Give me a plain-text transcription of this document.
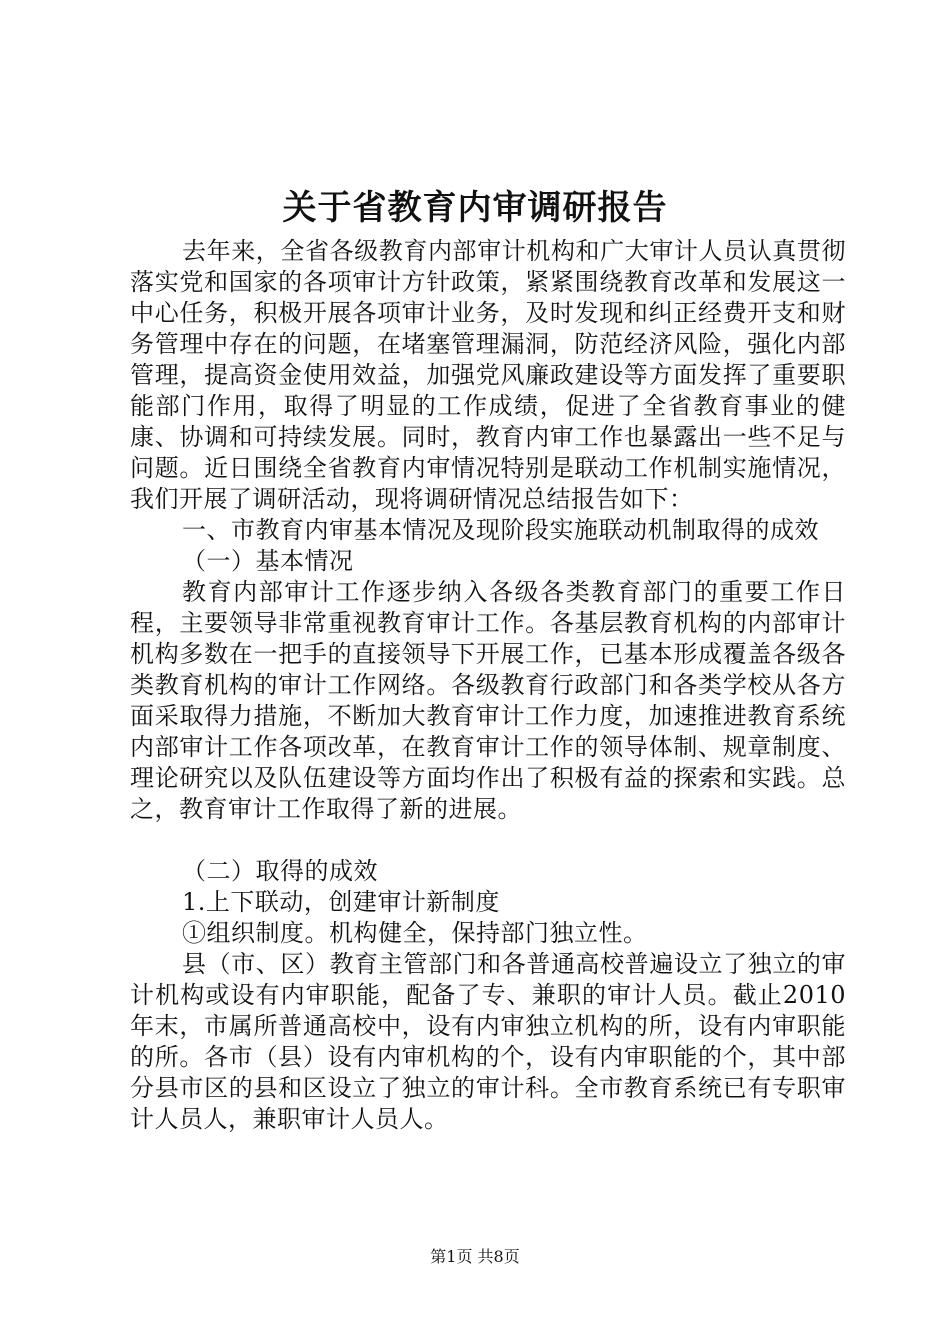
关于省教育内审调研报告

去年来，全省各级教育内部审计机构和广大审计人员认真贯彻落实党和国家的各项审计方针政策，紧紧围绕教育改革和发展这一中心任务，积极开展各项审计业务，及时发现和纠正经费开支和财务管理中存在的问题，在堵塞管理漏洞，防范经济风险，强化内部管理，提高资金使用效益，加强党风廉政建设等方面发挥了重要职能部门作用，取得了明显的工作成绩，促进了全省教育事业的健康、协调和可持续发展。同时，教育内审工作也暴露出一些不足与问题。近日围绕全省教育内审情况特别是联动工作机制实施情况，我们开展了调研活动，现将调研情况总结报告如下：

一、市教育内审基本情况及现阶段实施联动机制取得的成效

（一）基本情况

教育内部审计工作逐步纳入各级各类教育部门的重要工作日程，主要领导非常重视教育审计工作。各基层教育机构的内部审计机构多数在一把手的直接领导下开展工作，已基本形成覆盖各级各类教育机构的审计工作网络。各级教育行政部门和各类学校从各方面采取得力措施，不断加大教育审计工作力度，加速推进教育系统内部审计工作各项改革，在教育审计工作的领导体制、规章制度、理论研究以及队伍建设等方面均作出了积极有益的探索和实践。总之，教育审计工作取得了新的进展。

（二）取得的成效

1.上下联动，创建审计新制度

①组织制度。机构健全，保持部门独立性。

县（市、区）教育主管部门和各普通高校普遍设立了独立的审计机构或设有内审职能，配备了专、兼职的审计人员。截止2010年末，市属所普通高校中，设有内审独立机构的所，设有内审职能的所。各市（县）设有内审机构的个，设有内审职能的个，其中部分县市区的县和区设立了独立的审计科。全市教育系统已有专职审计人员人，兼职审计人员人。

第1页 共8页
